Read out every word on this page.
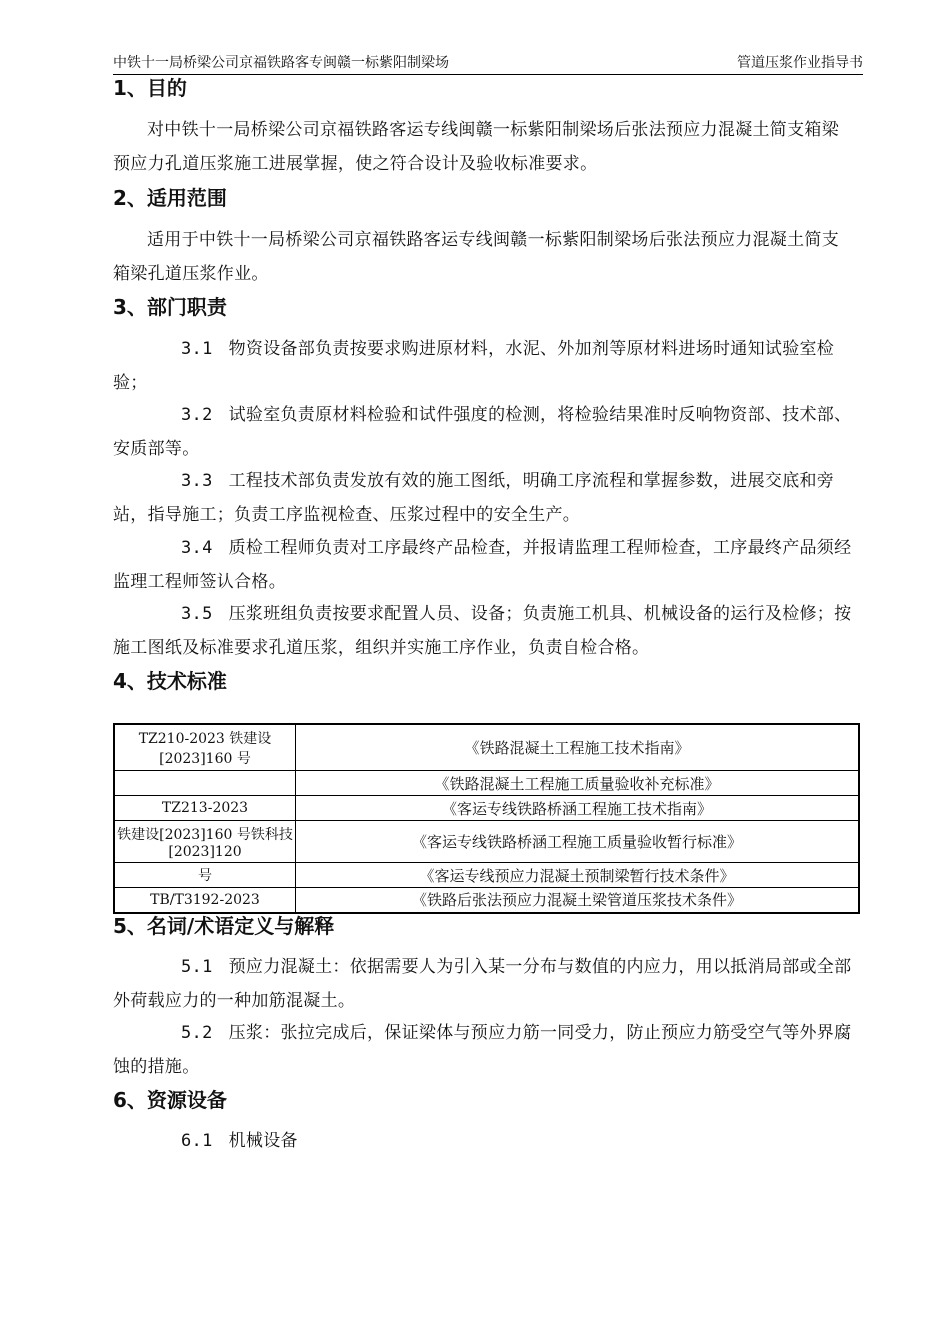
中铁十一局桥梁公司京福铁路客专闽赣一标紫阳制梁场	管道压浆作业指导书
1、目的

对中铁十一局桥梁公司京福铁路客运专线闽赣一标紫阳制梁场后张法预应力混凝土简支箱梁预应力孔道压浆施工进展掌握，使之符合设计及验收标准要求。

2、适用范围

适用于中铁十一局桥梁公司京福铁路客运专线闽赣一标紫阳制梁场后张法预应力混凝土简支箱梁孔道压浆作业。

3、部门职责

3.1 物资设备部负责按要求购进原材料，水泥、外加剂等原材料进场时通知试验室检验；

3.2 试验室负责原材料检验和试件强度的检测，将检验结果准时反响物资部、技术部、安质部等。

3.3 工程技术部负责发放有效的施工图纸，明确工序流程和掌握参数，进展交底和旁站，指导施工；负责工序监视检查、压浆过程中的安全生产。

3.4 质检工程师负责对工序最终产品检查，并报请监理工程师检查，工序最终产品须经监理工程师签认合格。

3.5 压浆班组负责按要求配置人员、设备；负责施工机具、机械设备的运行及检修；按施工图纸及标准要求孔道压浆，组织并实施工序作业，负责自检合格。

4、技术标准
TZ210-2023 铁建设[2023]160 号	《铁路混凝土工程施工技术指南》
	《铁路混凝土工程施工质量验收补充标准》
TZ213-2023	《客运专线铁路桥涵工程施工技术指南》
铁建设[2023]160 号铁科技[2023]120	《客运专线铁路桥涵工程施工质量验收暂行标准》
号	《客运专线预应力混凝土预制梁暂行技术条件》
TB/T3192-2023	《铁路后张法预应力混凝土梁管道压浆技术条件》
5、名词/术语定义与解释

5.1 预应力混凝土：依据需要人为引入某一分布与数值的内应力，用以抵消局部或全部外荷载应力的一种加筋混凝土。

5.2 压浆：张拉完成后，保证梁体与预应力筋一同受力，防止预应力筋受空气等外界腐蚀的措施。

6、资源设备

6.1 机械设备
